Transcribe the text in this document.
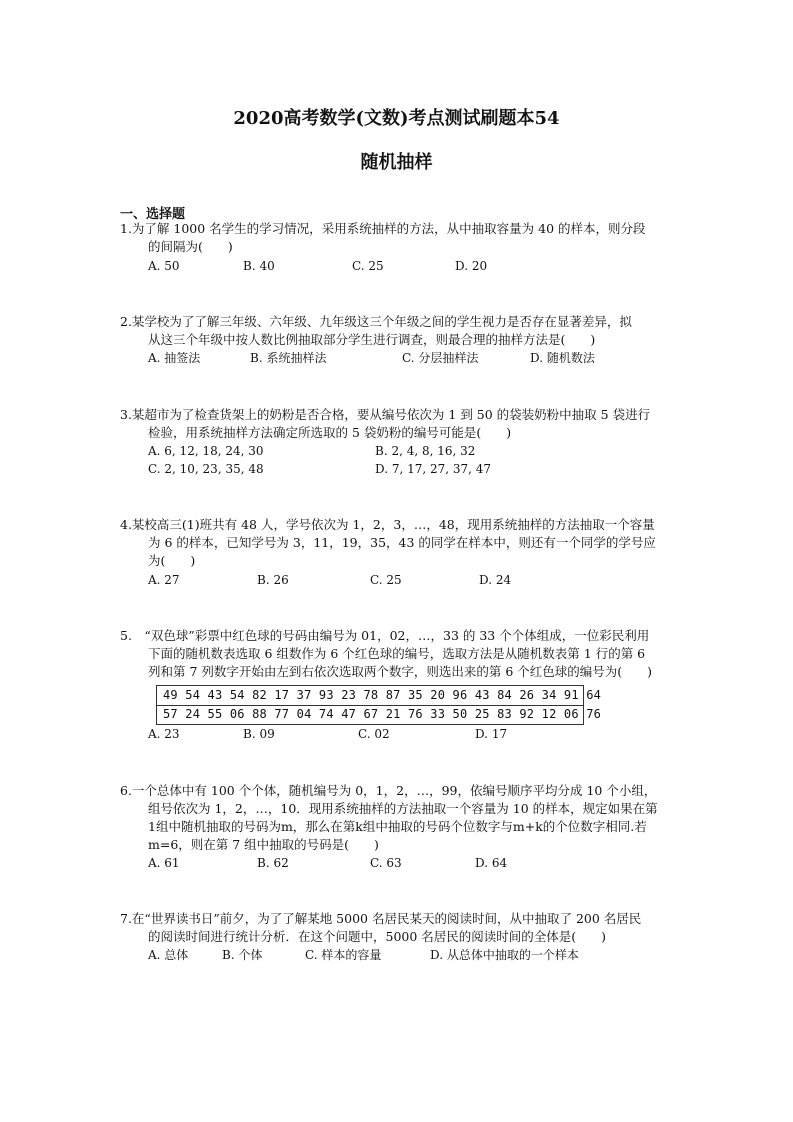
2020高考数学(文数)考点测试刷题本54
随机抽样
一、选择题
1.为了解 1000 名学生的学习情况，采用系统抽样的方法，从中抽取容量为 40 的样本，则分段
的间隔为(　　)
A. 50	B. 40	C. 25	D. 20
2.某学校为了了解三年级、六年级、九年级这三个年级之间的学生视力是否存在显著差异，拟
从这三个年级中按人数比例抽取部分学生进行调查，则最合理的抽样方法是(　　)
A. 抽签法	B. 系统抽样法	C. 分层抽样法	D. 随机数法
3.某超市为了检查货架上的奶粉是否合格，要从编号依次为 1 到 50 的袋装奶粉中抽取 5 袋进行
检验，用系统抽样方法确定所选取的 5 袋奶粉的编号可能是(　　)
A. 6, 12, 18, 24, 30	B. 2, 4, 8, 16, 32
C. 2, 10, 23, 35, 48	D. 7, 17, 27, 37, 47
4.某校高三(1)班共有 48 人，学号依次为 1，2，3，…，48，现用系统抽样的方法抽取一个容量
为 6 的样本，已知学号为 3，11，19，35，43 的同学在样本中，则还有一个同学的学号应
为(　　)
A. 27	B. 26	C. 25	D. 24
5.　“双色球”彩票中红色球的号码由编号为 01，02，…，33 的 33 个个体组成，一位彩民利用
下面的随机数表选取 6 组数作为 6 个红色球的编号，选取方法是从随机数表第 1 行的第 6
列和第 7 列数字开始由左到右依次选取两个数字，则选出来的第 6 个红色球的编号为(　　)
49 54 43 54 82 17 37 93 23 78 87 35 20 96 43 84 26 34 91 64
57 24 55 06 88 77 04 74 47 67 21 76 33 50 25 83 92 12 06 76
A. 23	B. 09	C. 02	D. 17
6.一个总体中有 100 个个体，随机编号为 0，1，2，…，99，依编号顺序平均分成 10 个小组，
组号依次为 1，2，…，10．现用系统抽样的方法抽取一个容量为 10 的样本，规定如果在第
1组中随机抽取的号码为m，那么在第k组中抽取的号码个位数字与m+k的个位数字相同.若
m=6，则在第 7 组中抽取的号码是(　　)
A. 61	B. 62	C. 63	D. 64
7.在“世界读书日”前夕，为了了解某地 5000 名居民某天的阅读时间，从中抽取了 200 名居民
的阅读时间进行统计分析．在这个问题中，5000 名居民的阅读时间的全体是(　　)
A. 总体	B. 个体	C. 样本的容量	D. 从总体中抽取的一个样本
